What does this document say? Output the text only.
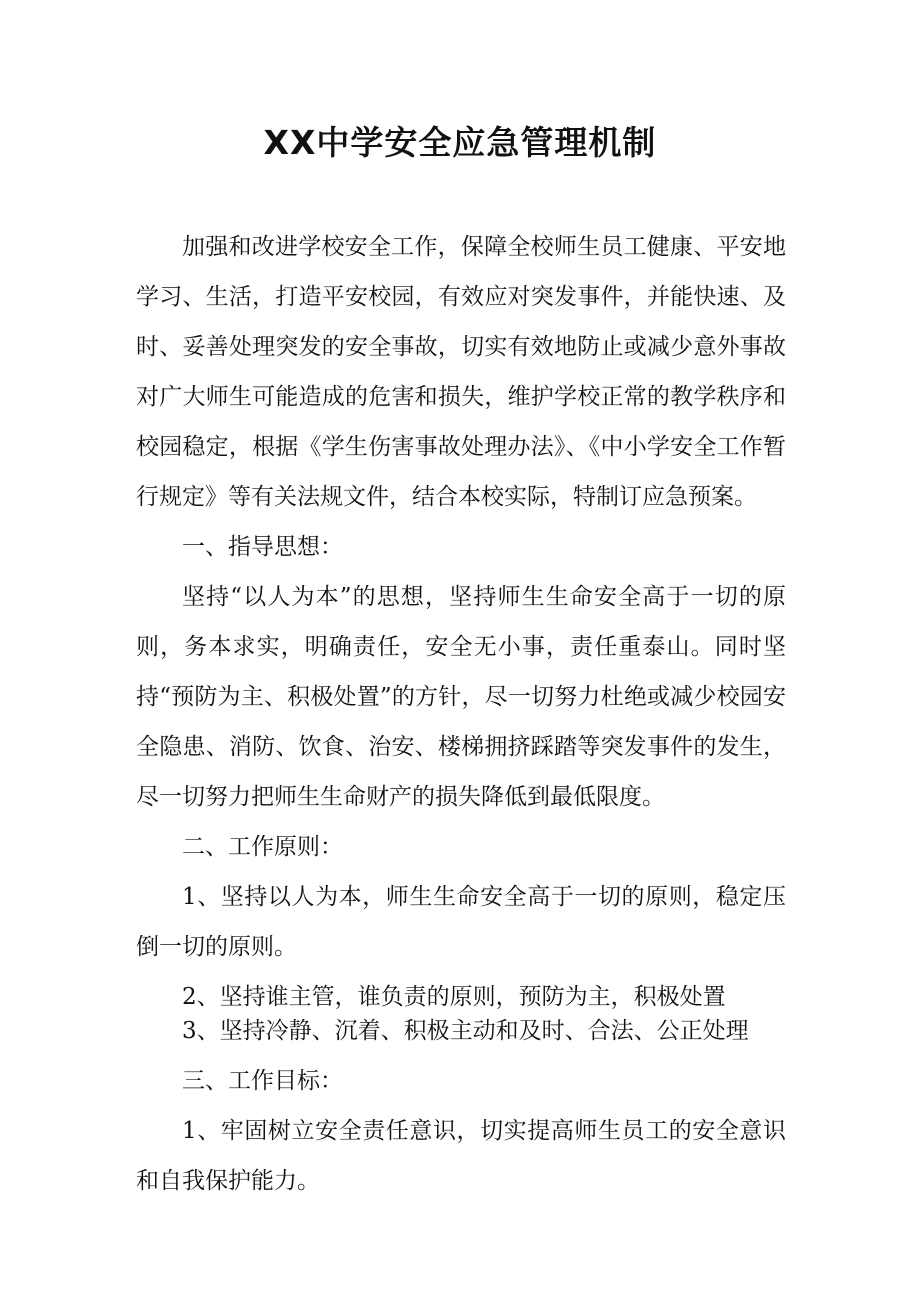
XX中学安全应急管理机制

加强和改进学校安全工作，保障全校师生员工健康、平安地学习、生活，打造平安校园，有效应对突发事件，并能快速、及时、妥善处理突发的安全事故，切实有效地防止或减少意外事故对广大师生可能造成的危害和损失，维护学校正常的教学秩序和校园稳定，根据《学生伤害事故处理办法》、《中小学安全工作暂行规定》等有关法规文件，结合本校实际，特制订应急预案。

一、指导思想：

坚持“以人为本”的思想，坚持师生生命安全高于一切的原则，务本求实，明确责任，安全无小事，责任重泰山。同时坚持“预防为主、积极处置”的方针，尽一切努力杜绝或减少校园安全隐患、消防、饮食、治安、楼梯拥挤踩踏等突发事件的发生，尽一切努力把师生生命财产的损失降低到最低限度。

二、工作原则：

1、坚持以人为本，师生生命安全高于一切的原则，稳定压倒一切的原则。

2、坚持谁主管，谁负责的原则，预防为主，积极处置

3、坚持冷静、沉着、积极主动和及时、合法、公正处理

三、工作目标：

1、牢固树立安全责任意识，切实提高师生员工的安全意识和自我保护能力。
